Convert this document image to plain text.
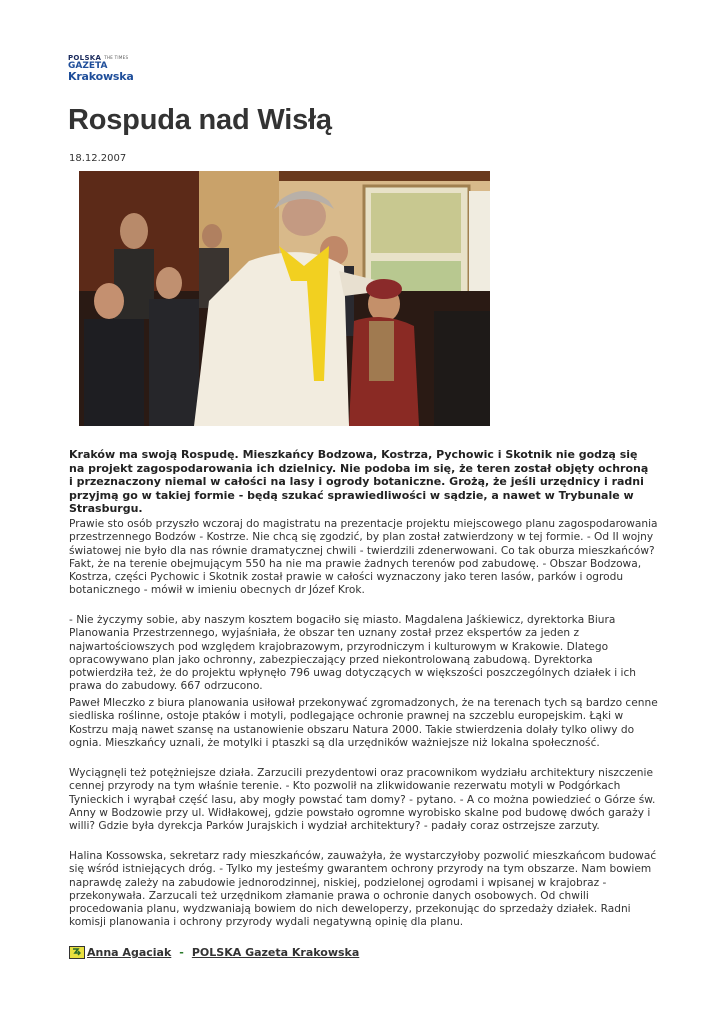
POLSKA THE TIMES
GAZETA
Krakowska
Rospuda nad Wisłą
18.12.2007

Kraków ma swoją Rospudę. Mieszkańcy Bodzowa, Kostrza, Pychowic i Skotnik nie godzą się na projekt zagospodarowania ich dzielnicy. Nie podoba im się, że teren został objęty ochroną i przeznaczony niemal w całości na lasy i ogrody botaniczne. Grożą, że jeśli urzędnicy i radni przyjmą go w takiej formie - będą szukać sprawiedliwości w sądzie, a nawet w Trybunale w Strasburgu.

Prawie sto osób przyszło wczoraj do magistratu na prezentacje projektu miejscowego planu zagospodarowania przestrzennego Bodzów - Kostrze. Nie chcą się zgodzić, by plan został zatwierdzony w tej formie. - Od II wojny światowej nie było dla nas równie dramatycznej chwili - twierdzili zdenerwowani. Co tak oburza mieszkańców? Fakt, że na terenie obejmującym 550 ha nie ma prawie żadnych terenów pod zabudowę. - Obszar Bodzowa, Kostrza, części Pychowic i Skotnik został prawie w całości wyznaczony jako teren lasów, parków i ogrodu botanicznego - mówił w imieniu obecnych dr Józef Krok.

- Nie życzymy sobie, aby naszym kosztem bogaciło się miasto. Magdalena Jaśkiewicz, dyrektorka Biura Planowania Przestrzennego, wyjaśniała, że obszar ten uznany został przez ekspertów za jeden z najwartościowszych pod względem krajobrazowym, przyrodniczym i kulturowym w Krakowie. Dlatego opracowywano plan jako ochronny, zabezpieczający przed niekontrolowaną zabudową. Dyrektorka potwierdziła też, że do projektu wpłynęło 796 uwag dotyczących w większości poszczególnych działek i ich prawa do zabudowy. 667 odrzucono.

Paweł Mleczko z biura planowania usiłował przekonywać zgromadzonych, że na terenach tych są bardzo cenne siedliska roślinne, ostoje ptaków i motyli, podlegające ochronie prawnej na szczeblu europejskim. Łąki w Kostrzu mają nawet szansę na ustanowienie obszaru Natura 2000. Takie stwierdzenia dolały tylko oliwy do ognia. Mieszkańcy uznali, że motylki i ptaszki są dla urzędników ważniejsze niż lokalna społeczność.

Wyciągnęli też potężniejsze działa. Zarzucili prezydentowi oraz pracownikom wydziału architektury niszczenie cennej przyrody na tym właśnie terenie. - Kto pozwolił na zlikwidowanie rezerwatu motyli w Podgórkach Tynieckich i wyrąbał część lasu, aby mogły powstać tam domy? - pytano. - A co można powiedzieć o Górze św. Anny w Bodzowie przy ul. Widłakowej, gdzie powstało ogromne wyrobisko skalne pod budowę dwóch garaży i willi? Gdzie była dyrekcja Parków Jurajskich i wydział architektury? - padały coraz ostrzejsze zarzuty.

Halina Kossowska, sekretarz rady mieszkańców, zauważyła, że wystarczyłoby pozwolić mieszkańcom budować się wśród istniejących dróg. - Tylko my jesteśmy gwarantem ochrony przyrody na tym obszarze. Nam bowiem naprawdę zależy na zabudowie jednorodzinnej, niskiej, podzielonej ogrodami i wpisanej w krajobraz - przekonywała. Zarzucali też urzędnikom złamanie prawa o ochronie danych osobowych. Od chwili procedowania planu, wydzwaniają bowiem do nich deweloperzy, przekonując do sprzedaży działek. Radni komisji planowania i ochrony przyrody wydali negatywną opinię dla planu.

Anna Agaciak - POLSKA Gazeta Krakowska
